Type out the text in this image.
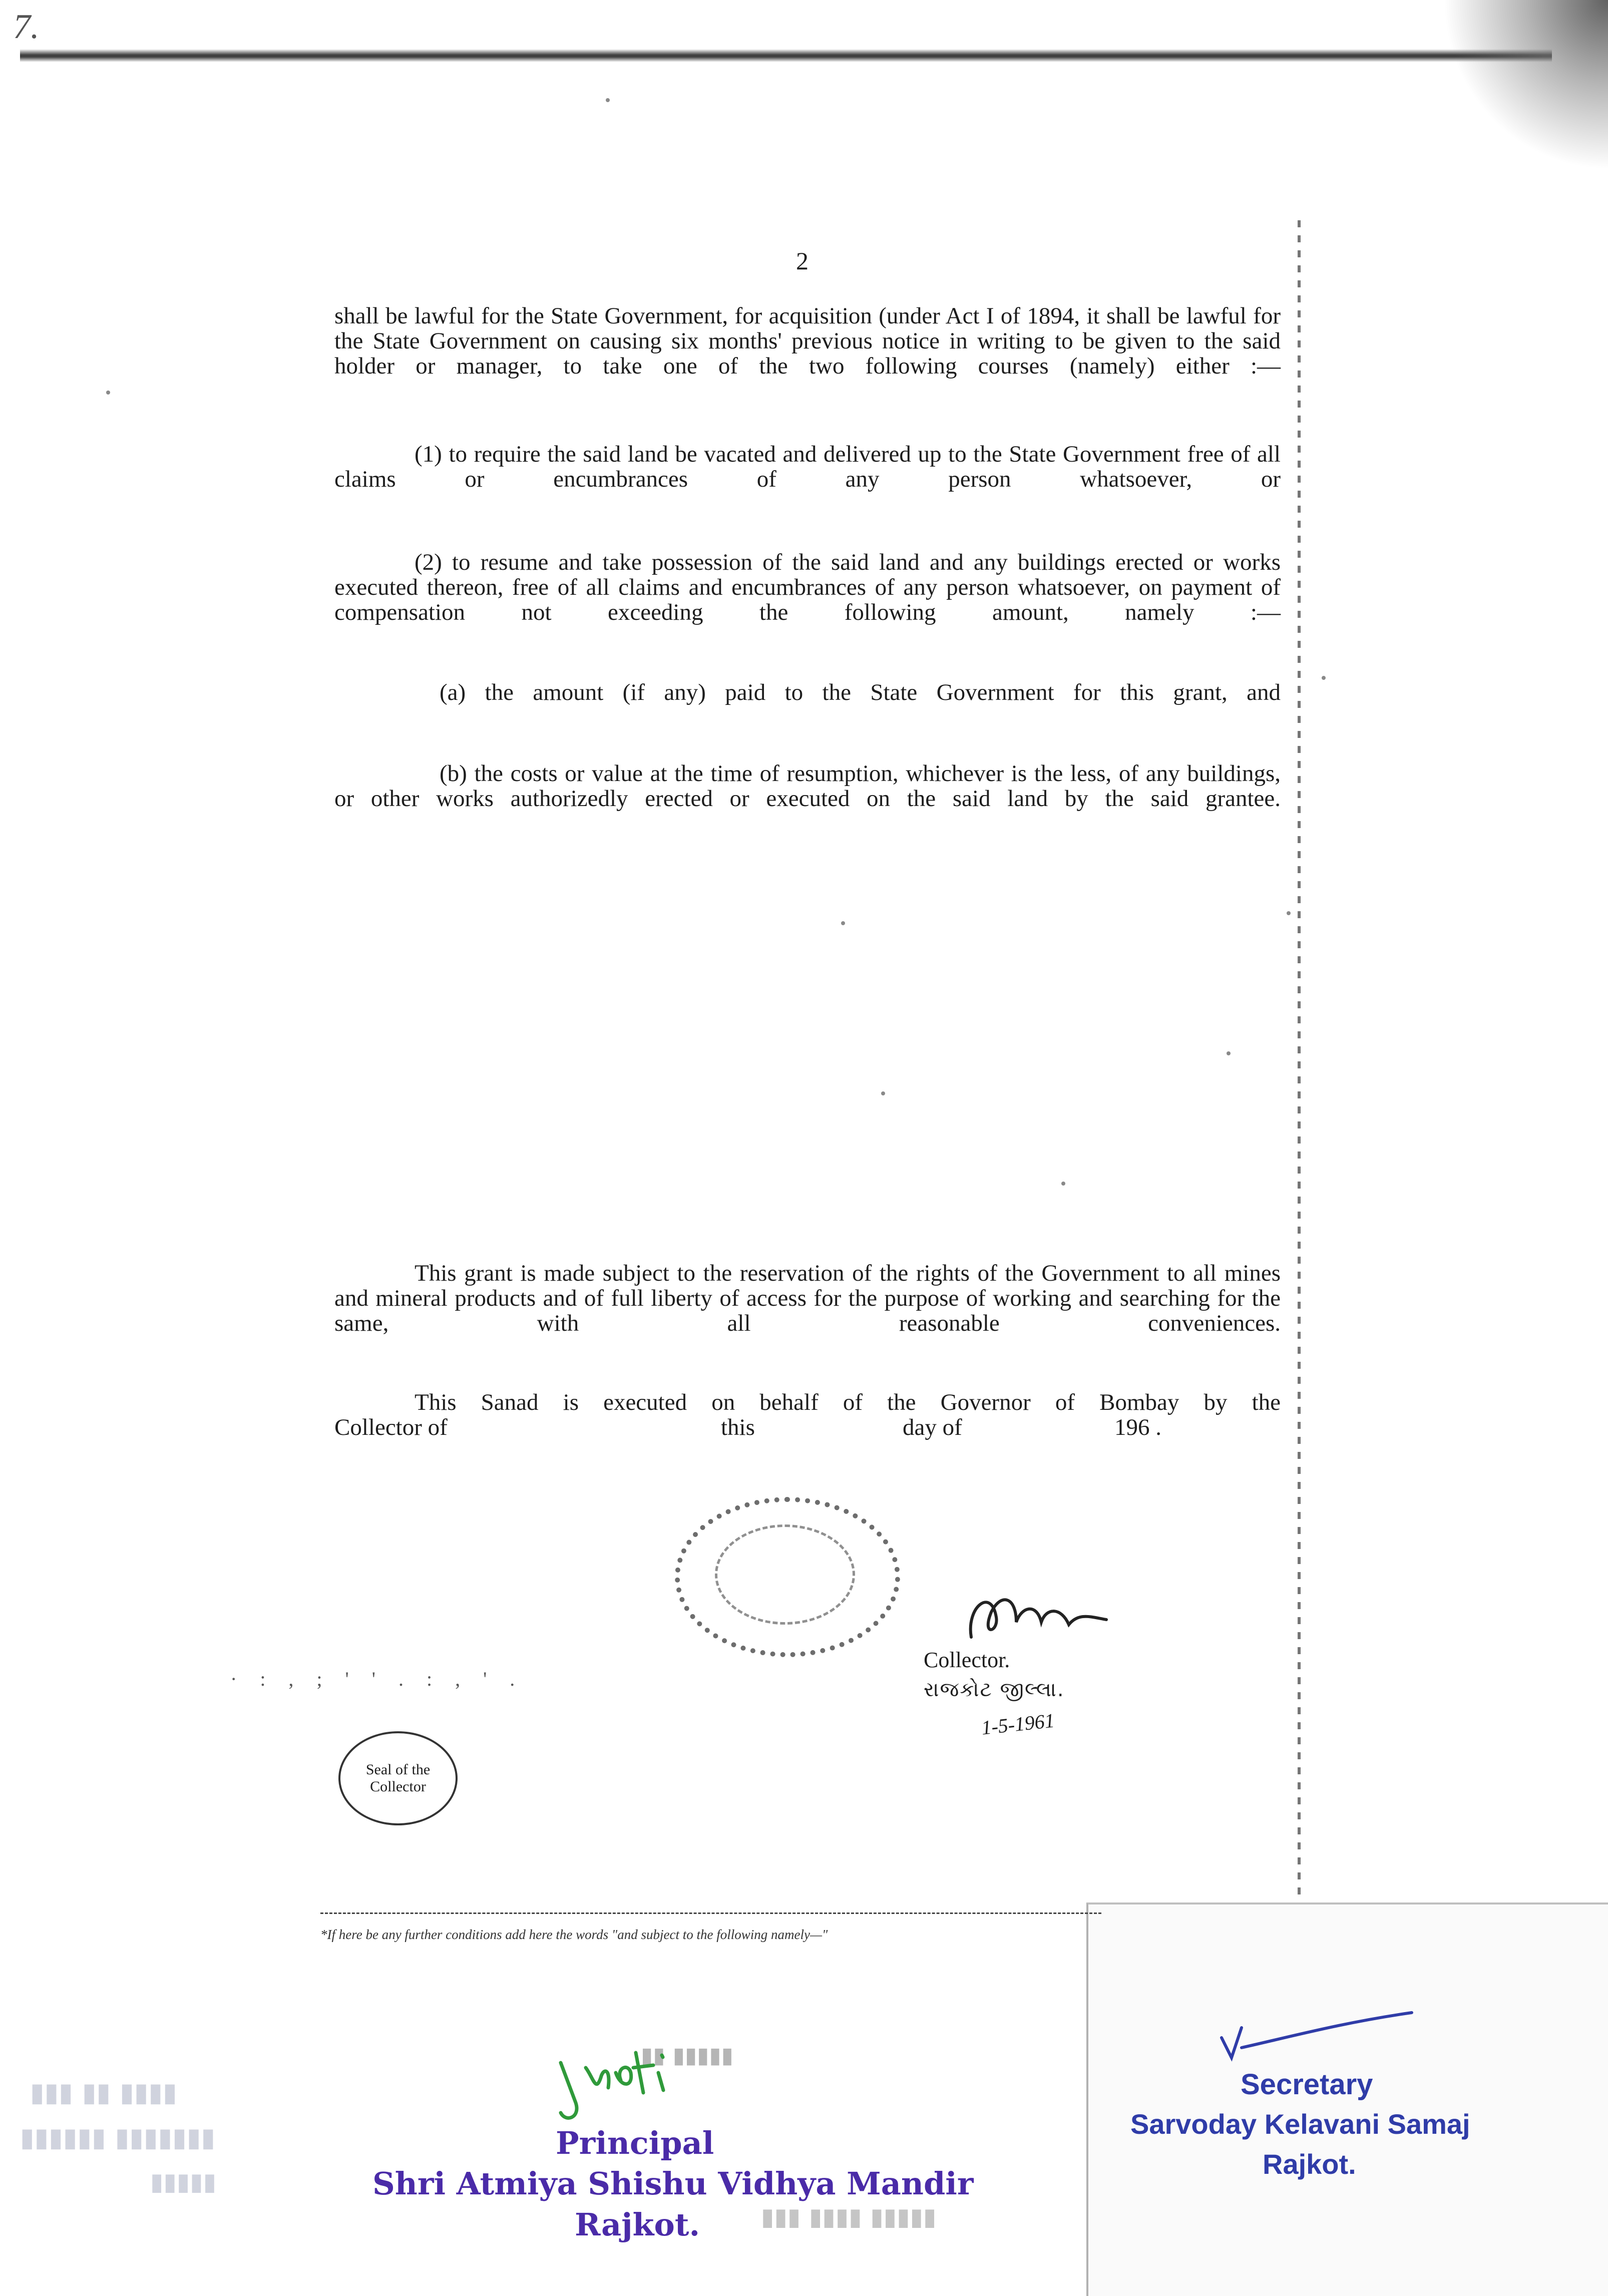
7.
2

shall be lawful for the State Government, for acquisition (under Act I of 1894, it shall be lawful for the State Government on causing six months' previous notice in writing to be given to the said holder or manager, to take one of the two following courses (namely) either :—

(1) to require the said land be vacated and delivered up to the State Government free of all claims or encumbrances of any person whatsoever, or

(2) to resume and take possession of the said land and any buildings erected or works executed thereon, free of all claims and encumbrances of any person whatsoever, on payment of compensation not exceeding the following amount, namely :—

(a) the amount (if any) paid to the State Government for this grant, and

(b) the costs or value at the time of resumption, whichever is the less, of any buildings, or other works authorizedly erected or executed on the said land by the said grantee.

This grant is made subject to the reservation of the rights of the Government to all mines and mineral products and of full liberty of access for the purpose of working and searching for the same, with all reasonable conveniences.

This Sanad is executed on behalf of the Governor of Bombay by the

Collector of	this	day of	196 .
Collector.
રાજકોટ જીલ્લા.
1-5-1961
· : , ; ' ' . : , ' .
Seal of the
Collector
*If here be any further conditions add here the words "and subject to the following namely—"
▮▮▮▮ ▮▮ ▮▮▮
▮▮▮▮▮▮▮ ▮▮▮▮▮▮
▮▮▮▮▮
▮▮▮▮▮ ▮▮▮▮ ▮▮▮
▮▮ ▮▮▮▮▮
Principal
Shri Atmiya Shishu Vidhya Mandir
Rajkot.
Secretary
Sarvoday Kelavani Samaj
Rajkot.
